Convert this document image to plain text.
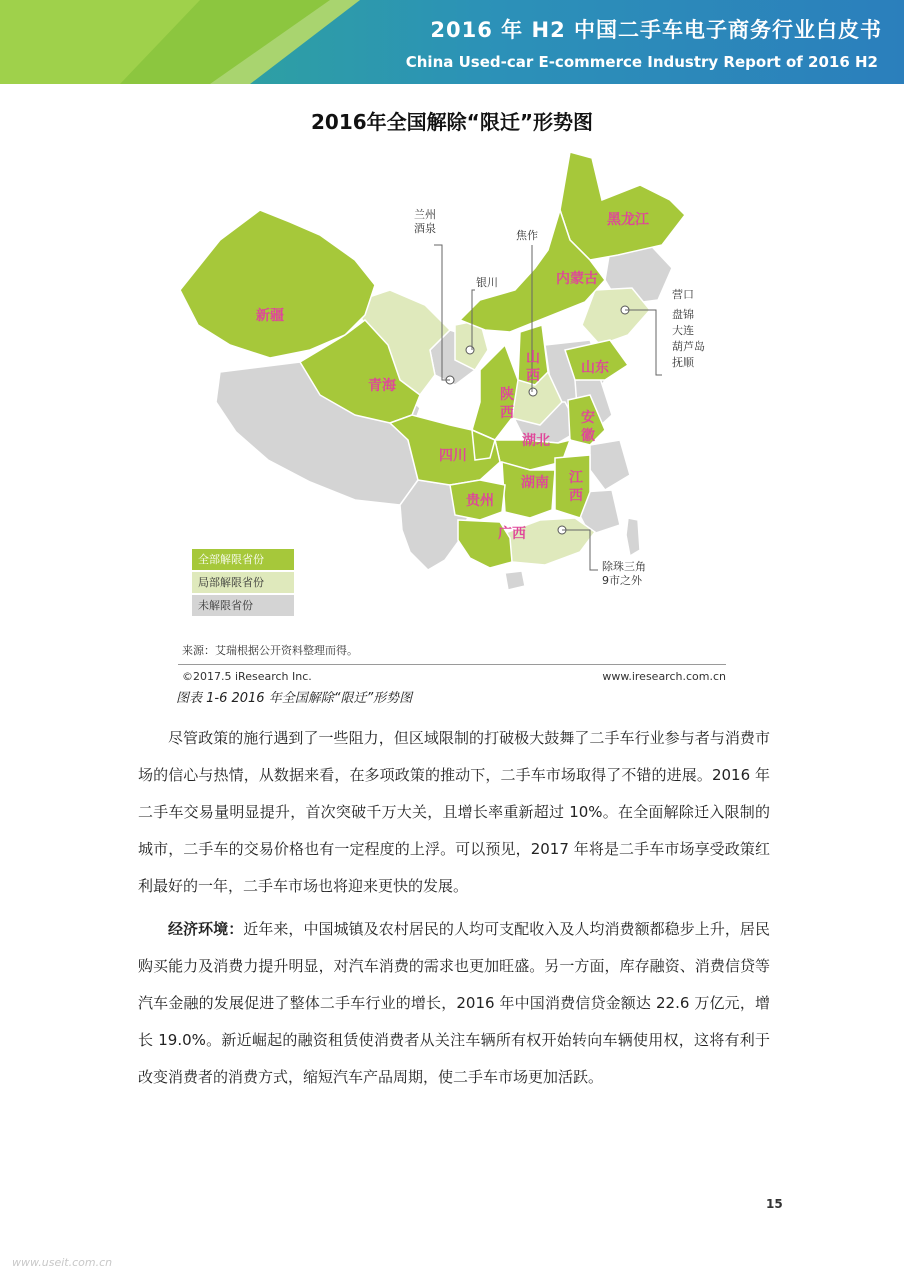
2016 年 H2 中国二手车电子商务行业白皮书
China Used-car E-commerce Industry Report of 2016 H2
2016年全国解除“限迁”形势图
黑龙江
内蒙古
新疆
青海
山
西	山东
陕
西	安
徽
湖北
四川
湖南 江
西
贵州
广西
兰州 酒泉
焦作
银川
营口 盘锦 大连 葫芦岛 抚顺
除珠三角 9市之外
全部解限省份
局部解限省份
未解限省份
来源：艾瑞根据公开资料整理而得。
©2017.5 iResearch Inc.	www.iresearch.com.cn
图表 1-6 2016 年全国解除“限迁”形势图

尽管政策的施行遇到了一些阻力，但区域限制的打破极大鼓舞了二手车行业参与者与消费市场的信心与热情，从数据来看，在多项政策的推动下，二手车市场取得了不错的进展。2016 年二手车交易量明显提升，首次突破千万大关，且增长率重新超过 10%。在全面解除迁入限制的城市，二手车的交易价格也有一定程度的上浮。可以预见，2017 年将是二手车市场享受政策红利最好的一年，二手车市场也将迎来更快的发展。

经济环境：近年来，中国城镇及农村居民的人均可支配收入及人均消费额都稳步上升，居民购买能力及消费力提升明显，对汽车消费的需求也更加旺盛。另一方面，库存融资、消费信贷等汽车金融的发展促进了整体二手车行业的增长，2016 年中国消费信贷金额达 22.6 万亿元，增长 19.0%。新近崛起的融资租赁使消费者从关注车辆所有权开始转向车辆使用权，这将有利于改变消费者的消费方式，缩短汽车产品周期，使二手车市场更加活跃。

15
www.useit.com.cn
